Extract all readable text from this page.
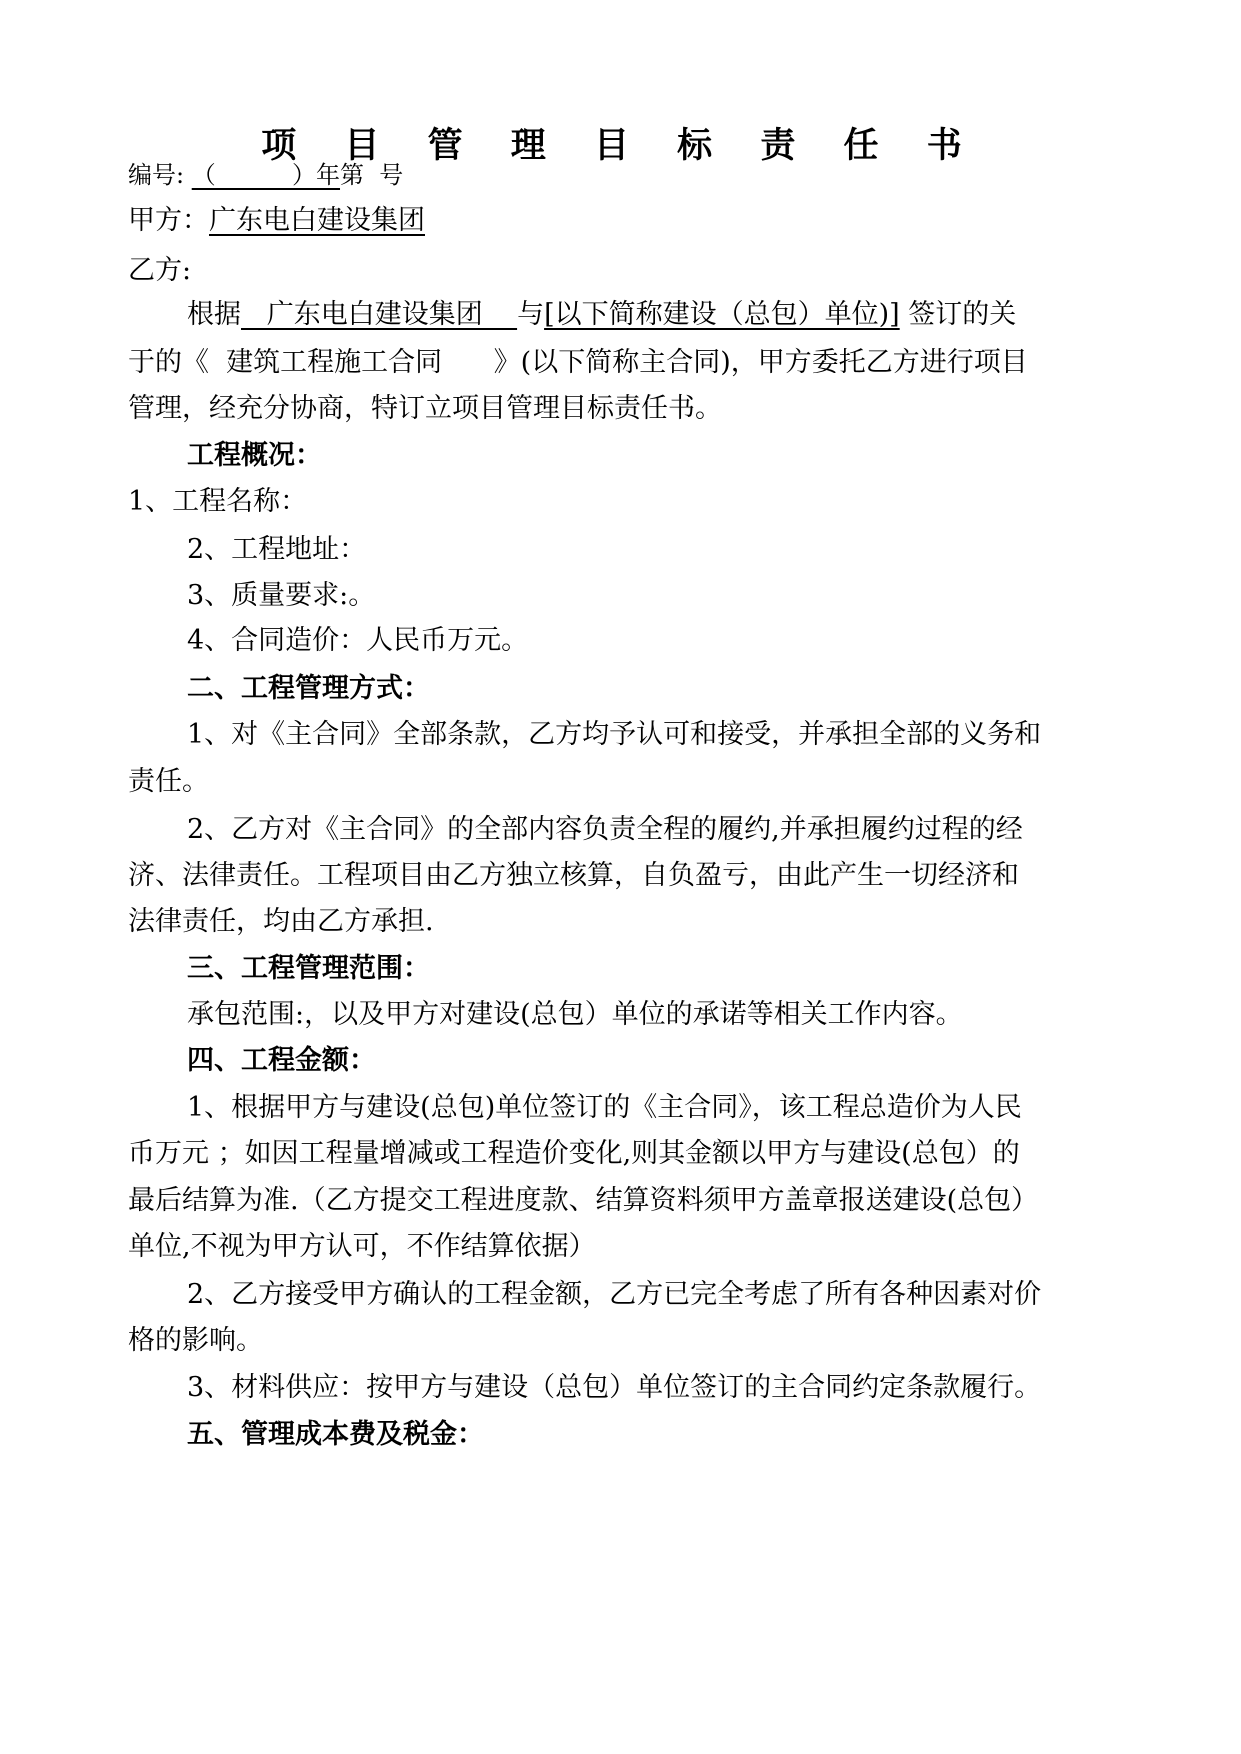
项 目 管 理 目 标 责 任 书
编号: （          ）年第  号
甲方：广东电白建设集团
乙方:
根据   广东电白建设集团    与[以下简称建设（总包）单位)] 签订的关
于的《  建筑工程施工合同      》(以下简称主合同)，甲方委托乙方进行项目
管理，经充分协商，特订立项目管理目标责任书。
工程概况：
1、工程名称：
2、工程地址：
3、质量要求:。
4、合同造价：人民币万元。
二、工程管理方式：
1、对《主合同》全部条款，乙方均予认可和接受，并承担全部的义务和
责任。
2、乙方对《主合同》的全部内容负责全程的履约,并承担履约过程的经
济、法律责任。工程项目由乙方独立核算，自负盈亏，由此产生一切经济和
法律责任，均由乙方承担.
三、工程管理范围：
承包范围:，以及甲方对建设(总包）单位的承诺等相关工作内容。
四、工程金额：
1、根据甲方与建设(总包)单位签订的《主合同》，该工程总造价为人民
币万元 ；如因工程量增减或工程造价变化,则其金额以甲方与建设(总包）的
最后结算为准.（乙方提交工程进度款、结算资料须甲方盖章报送建设(总包）
单位,不视为甲方认可，不作结算依据）
2、乙方接受甲方确认的工程金额，乙方已完全考虑了所有各种因素对价
格的影响。
3、材料供应：按甲方与建设（总包）单位签订的主合同约定条款履行。
五、管理成本费及税金：
